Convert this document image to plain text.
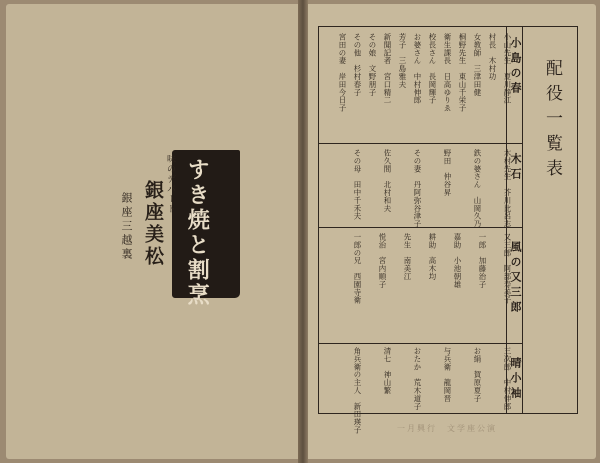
すき焼と割烹
味のデパート
銀座美松
銀座三越裏
配役一覧表
小島の春
木石
風の又三郎
晴小袖
小山先生　夏川静江
村長　木村功
女教師　三津田健
桐野先生　東山千栄子
衛生課長　日高ゆりゑ
校長さん　長岡輝子
お婆さん　中村伸郎
芳子　三島雅夫
新聞記者　宮口精二
その娘　文野朋子
その他　杉村春子
宮田の妻　岸田今日子
木村先生　芥川比呂志
鉄の婆さん　山岡久乃
野田　仲谷昇
その妻　丹阿弥谷津子
佐久間　北村和夫
その母　田中千禾夫
又三郎　阿部寿美子
一郎　加藤治子
嘉助　小池朝雄
耕助　高木均
先生　南美江
悦治　宮内順子
一郎の兄　西園寺衛
三次郎　中村伸郎
お絹　賀原夏子
与兵衛　龍岡晋
おたか　荒木道子
清七　神山繁
角兵衛の主人　新田瑛子	一月興行　文学座公演
